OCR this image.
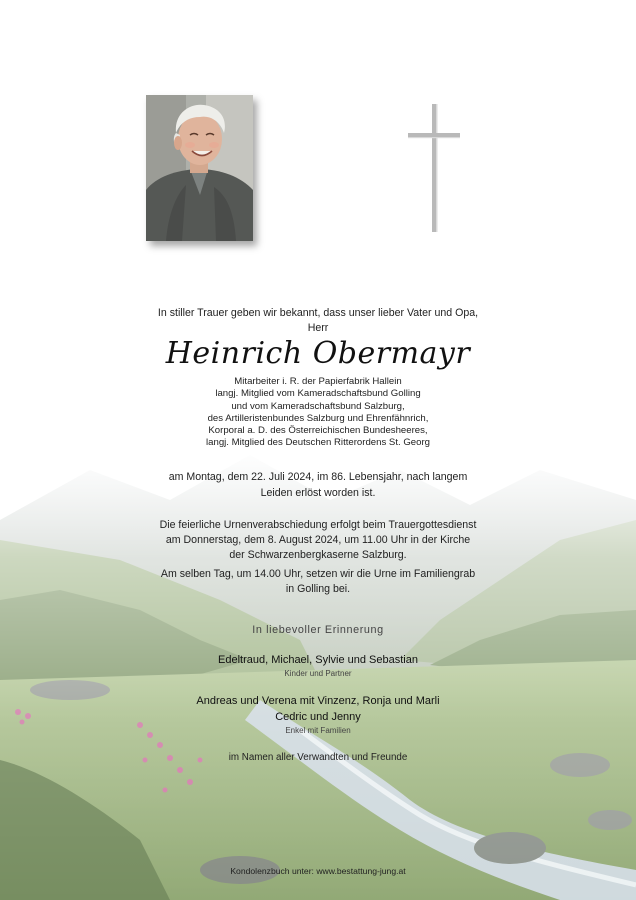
In stiller Trauer geben wir bekannt, dass unser lieber Vater und Opa,
Herr
Heinrich Obermayr
Mitarbeiter i. R. der Papierfabrik Hallein
langj. Mitglied vom Kameradschaftsbund Golling
und vom Kameradschaftsbund Salzburg,
des Artilleristenbundes Salzburg und Ehrenfähnrich,
Korporal a. D. des Österreichischen Bundesheeres,
langj. Mitglied des Deutschen Ritterordens St. Georg
am Montag, dem 22. Juli 2024, im 86. Lebensjahr, nach langem
Leiden erlöst worden ist.
Die feierliche Urnenverabschiedung erfolgt beim Trauergottesdienst
am Donnerstag, dem 8. August 2024, um 11.00 Uhr in der Kirche
der Schwarzenbergkaserne Salzburg.
Am selben Tag, um 14.00 Uhr, setzen wir die Urne im Familiengrab
in Golling bei.
In liebevoller Erinnerung
Edeltraud, Michael, Sylvie und Sebastian
Kinder und Partner
Andreas und Verena mit Vinzenz, Ronja und Marli
Cedric und Jenny
Enkel mit Familien
im Namen aller Verwandten und Freunde
Kondolenzbuch unter: www.bestattung-jung.at
